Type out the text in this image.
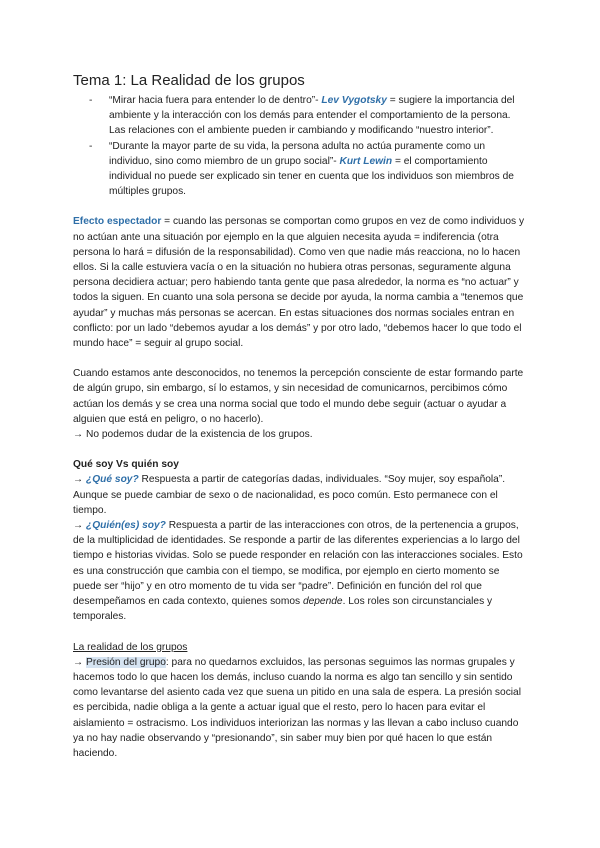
Tema 1: La Realidad de los grupos
- “Mirar hacia fuera para entender lo de dentro”- Lev Vygotsky = sugiere la importancia del ambiente y la interacción con los demás para entender el comportamiento de la persona. Las relaciones con el ambiente pueden ir cambiando y modificando “nuestro interior”.
- “Durante la mayor parte de su vida, la persona adulta no actúa puramente como un individuo, sino como miembro de un grupo social”- Kurt Lewin = el comportamiento individual no puede ser explicado sin tener en cuenta que los individuos son miembros de múltiples grupos.

Efecto espectador = cuando las personas se comportan como grupos en vez de como individuos y no actúan ante una situación por ejemplo en la que alguien necesita ayuda = indiferencia (otra persona lo hará = difusión de la responsabilidad). Como ven que nadie más reacciona, no lo hacen ellos. Si la calle estuviera vacía o en la situación no hubiera otras personas, seguramente alguna persona decidiera actuar; pero habiendo tanta gente que pasa alrededor, la norma es “no actuar” y todos la siguen. En cuanto una sola persona se decide por ayuda, la norma cambia a “tenemos que ayudar” y muchas más personas se acercan. En estas situaciones dos normas sociales entran en conflicto: por un lado “debemos ayudar a los demás” y por otro lado, “debemos hacer lo que todo el mundo hace” = seguir al grupo social.

Cuando estamos ante desconocidos, no tenemos la percepción consciente de estar formando parte de algún grupo, sin embargo, sí lo estamos, y sin necesidad de comunicarnos, percibimos cómo actúan los demás y se crea una norma social que todo el mundo debe seguir (actuar o ayudar a alguien que está en peligro, o no hacerlo).

→ No podemos dudar de la existencia de los grupos.

Qué soy Vs quién soy

→ ¿Qué soy? Respuesta a partir de categorías dadas, individuales. “Soy mujer, soy española”. Aunque se puede cambiar de sexo o de nacionalidad, es poco común. Esto permanece con el tiempo.

→ ¿Quién(es) soy? Respuesta a partir de las interacciones con otros, de la pertenencia a grupos, de la multiplicidad de identidades. Se responde a partir de las diferentes experiencias a lo largo del tiempo e historias vividas. Solo se puede responder en relación con las interacciones sociales. Esto es una construcción que cambia con el tiempo, se modifica, por ejemplo en cierto momento se puede ser “hijo” y en otro momento de tu vida ser “padre”. Definición en función del rol que desempeñamos en cada contexto, quienes somos depende. Los roles son circunstanciales y temporales.

La realidad de los grupos

→ Presión del grupo: para no quedarnos excluidos, las personas seguimos las normas grupales y hacemos todo lo que hacen los demás, incluso cuando la norma es algo tan sencillo y sin sentido como levantarse del asiento cada vez que suena un pitido en una sala de espera. La presión social es percibida, nadie obliga a la gente a actuar igual que el resto, pero lo hacen para evitar el aislamiento = ostracismo. Los individuos interiorizan las normas y las llevan a cabo incluso cuando ya no hay nadie observando y “presionando”, sin saber muy bien por qué hacen lo que están haciendo.
